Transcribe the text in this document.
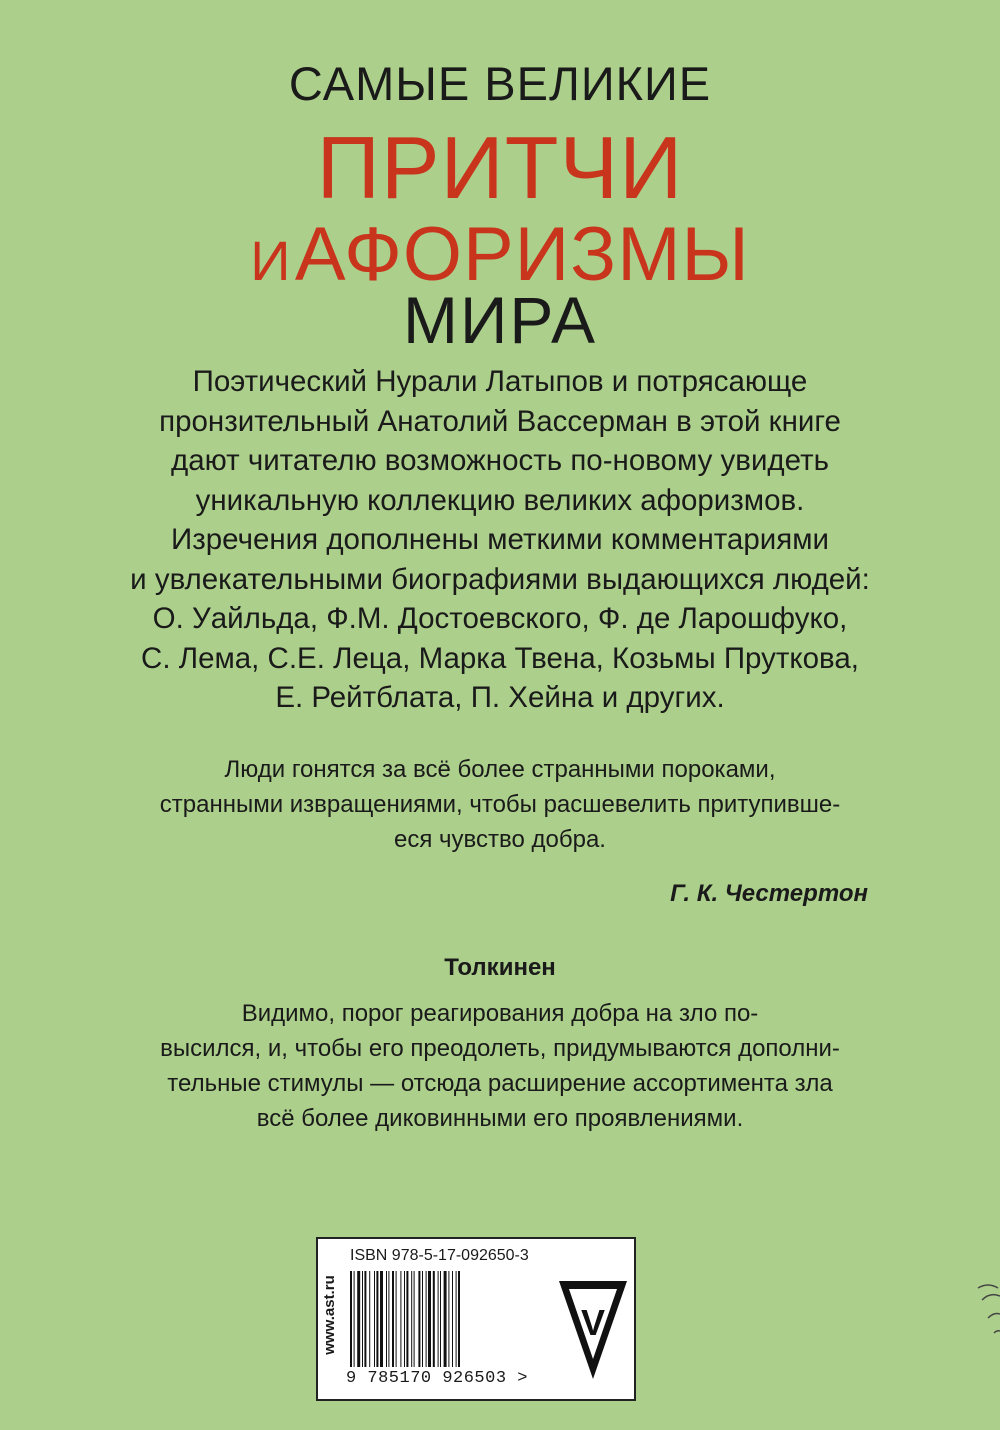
САМЫЕ ВЕЛИКИЕ
ПРИТЧИ
И АФОРИЗМЫ
МИРА
Поэтический Нурали Латыпов и потрясающе
пронзительный Анатолий Вассерман в этой книге
дают читателю возможность по-новому увидеть
уникальную коллекцию великих афоризмов.
Изречения дополнены меткими комментариями
и увлекательными биографиями выдающихся людей:
О. Уайльда, Ф.М. Достоевского, Ф. де Ларошфуко,
С. Лема, С.Е. Леца, Марка Твена, Козьмы Пруткова,
Е. Рейтблата, П. Хейна и других.
Люди гонятся за всё более странными пороками,
странными извращениями, чтобы расшевелить притупивше-
еся чувство добра.
Г. К. Честертон
Толкинен
Видимо, порог реагирования добра на зло по-
высился, и, чтобы его преодолеть, придумываются дополни-
тельные стимулы — отсюда расширение ассортимента зла
всё более диковинными его проявлениями.
www.ast.ru
ISBN 978-5-17-092650-3
9 785170 926503 >
V
